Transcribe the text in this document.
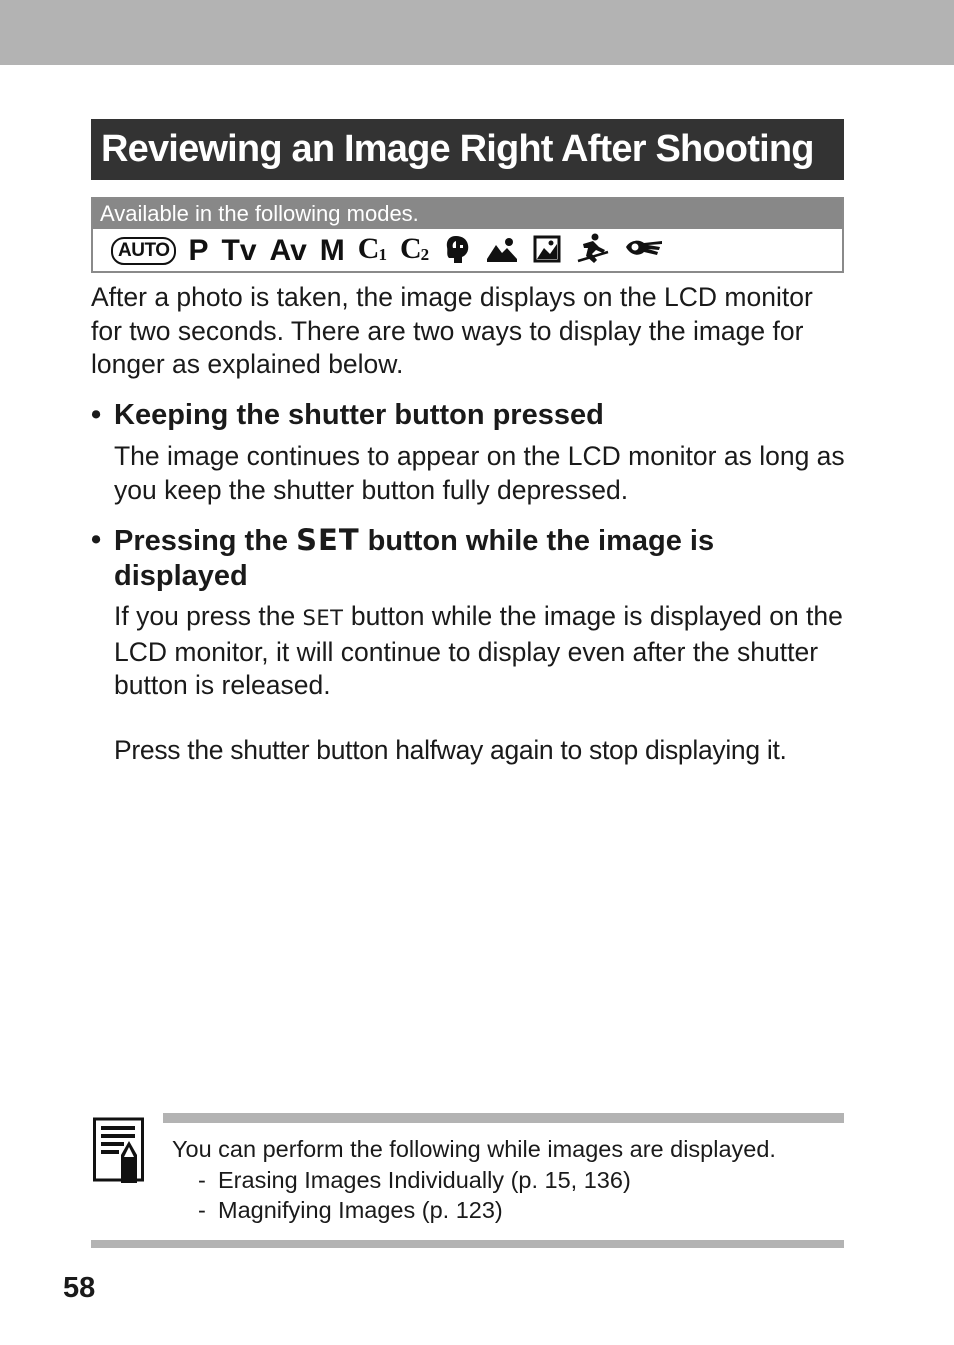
Reviewing an Image Right After Shooting
Available in the following modes.
AUTO P Tv Av M $C_1$ $C_2$
After a photo is taken, the image displays on the LCD monitor for two seconds. There are two ways to display the image for longer as explained below.
• Keeping the shutter button pressed
The image continues to appear on the LCD monitor as long as you keep the shutter button fully depressed.
• Pressing the SET button while the image is displayed
If you press the SET button while the image is displayed on the LCD monitor, it will continue to display even after the shutter button is released.
Press the shutter button halfway again to stop displaying it.
You can perform the following while images are displayed.
- Erasing Images Individually (p. 15, 136)
- Magnifying Images (p. 123)
58
